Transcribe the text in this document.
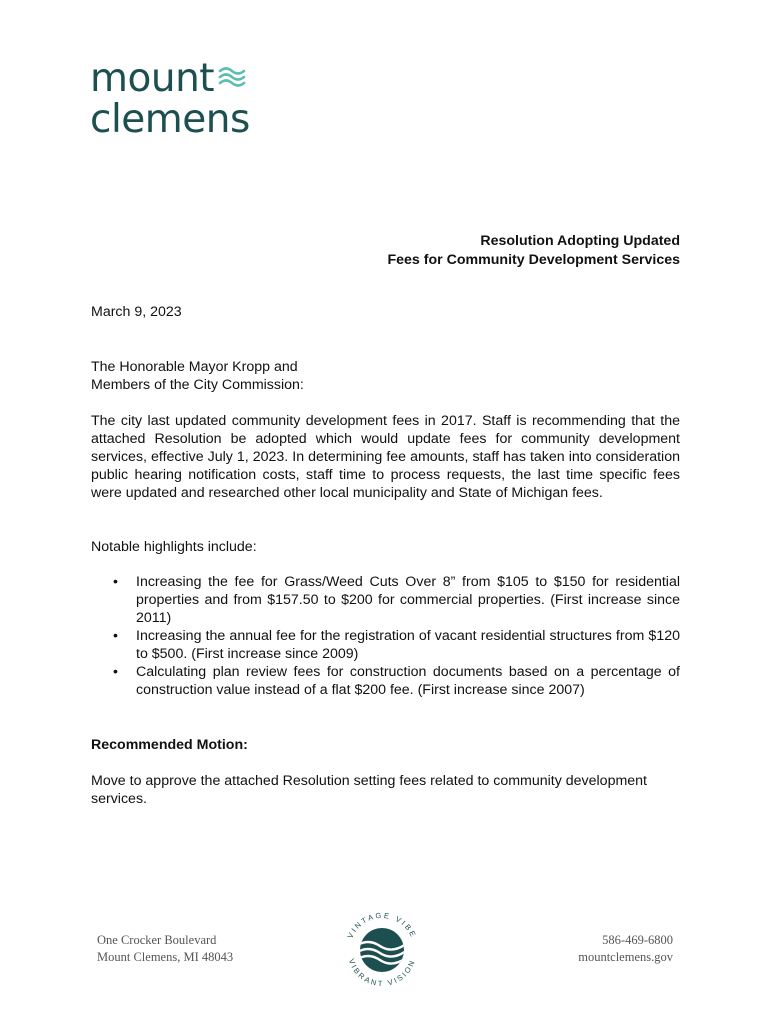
mount
clemens
Resolution Adopting Updated
Fees for Community Development Services
March 9, 2023
The Honorable Mayor Kropp and
Members of the City Commission:
The city last updated community development fees in 2017. Staff is recommending that the attached Resolution be adopted which would update fees for community development services, effective July 1, 2023. In determining fee amounts, staff has taken into consideration public hearing notification costs, staff time to process requests, the last time specific fees were updated and researched other local municipality and State of Michigan fees.
Notable highlights include:
• Increasing the fee for Grass/Weed Cuts Over 8” from $105 to $150 for residential properties and from $157.50 to $200 for commercial properties. (First increase since 2011)
• Increasing the annual fee for the registration of vacant residential structures from $120 to $500. (First increase since 2009)
• Calculating plan review fees for construction documents based on a percentage of construction value instead of a flat $200 fee. (First increase since 2007)
Recommended Motion:
Move to approve the attached Resolution setting fees related to community development services.
One Crocker Boulevard
Mount Clemens, MI 48043
VINTAGE VIBE
VIBRANT VISION
586-469-6800
mountclemens.gov
